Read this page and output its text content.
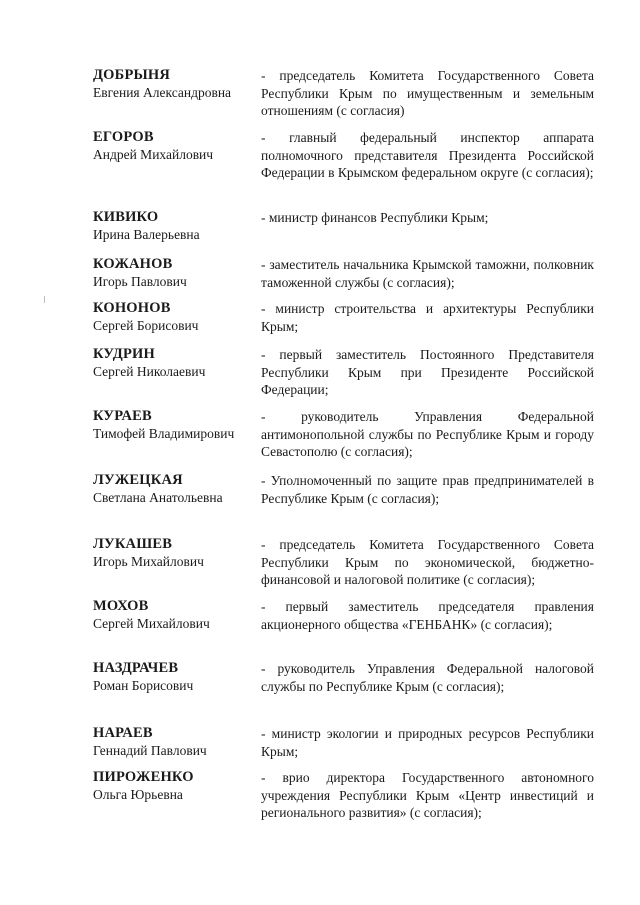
ДОБРЫНЯ
Евгения Александровна
- председатель Комитета Государственного Совета Республики Крым по имущественным и земельным отношениям (с согласия)
ЕГОРОВ
Андрей Михайлович
- главный федеральный инспектор аппарата полномочного представителя Президента Российской Федерации в Крымском федеральном округе (с согласия);
КИВИКО
Ирина Валерьевна
- министр финансов Республики Крым;
КОЖАНОВ
Игорь Павлович
- заместитель начальника Крымской таможни, полковник таможенной службы (с согласия);
КОНОНОВ
Сергей Борисович
- министр строительства и архитектуры Республики Крым;
КУДРИН
Сергей Николаевич
- первый заместитель Постоянного Представителя Республики Крым при Президенте Российской Федерации;
КУРАЕВ
Тимофей Владимирович
- руководитель Управления Федеральной антимонопольной службы по Республике Крым и городу Севастополю (с согласия);
ЛУЖЕЦКАЯ
Светлана Анатольевна
- Уполномоченный по защите прав предпринимателей в Республике Крым (с согласия);
ЛУКАШЕВ
Игорь Михайлович
- председатель Комитета Государственного Совета Республики Крым по экономической, бюджетно-финансовой и налоговой политике (с согласия);
МОХОВ
Сергей Михайлович
- первый заместитель председателя правления акционерного общества «ГЕНБАНК» (с согласия);
НАЗДРАЧЕВ
Роман Борисович
- руководитель Управления Федеральной налоговой службы по Республике Крым (с согласия);
НАРАЕВ
Геннадий Павлович
- министр экологии и природных ресурсов Республики Крым;
ПИРОЖЕНКО
Ольга Юрьевна
- врио директора Государственного автономного учреждения Республики Крым «Центр инвестиций и регионального развития» (с согласия);
